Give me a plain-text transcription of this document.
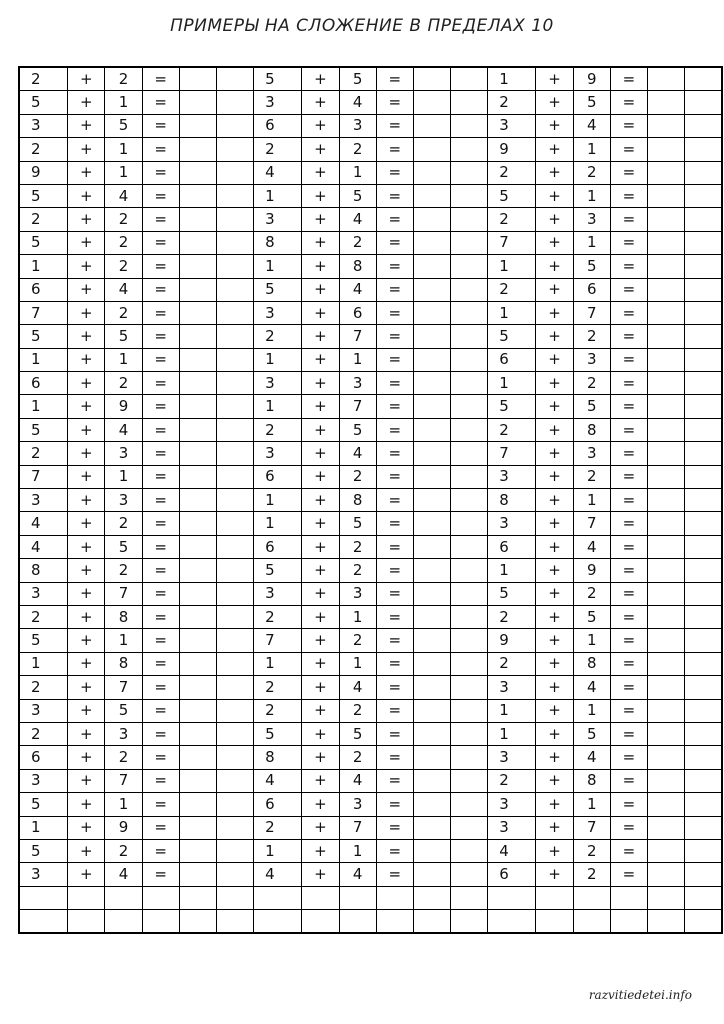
ПРИМЕРЫ НА СЛОЖЕНИЕ В ПРЕДЕЛАХ 10
2	+	2	=			5	+	5	=			1	+	9	=		
5	+	1	=			3	+	4	=			2	+	5	=		
3	+	5	=			6	+	3	=			3	+	4	=		
2	+	1	=			2	+	2	=			9	+	1	=		
9	+	1	=			4	+	1	=			2	+	2	=		
5	+	4	=			1	+	5	=			5	+	1	=		
2	+	2	=			3	+	4	=			2	+	3	=		
5	+	2	=			8	+	2	=			7	+	1	=		
1	+	2	=			1	+	8	=			1	+	5	=		
6	+	4	=			5	+	4	=			2	+	6	=		
7	+	2	=			3	+	6	=			1	+	7	=		
5	+	5	=			2	+	7	=			5	+	2	=		
1	+	1	=			1	+	1	=			6	+	3	=		
6	+	2	=			3	+	3	=			1	+	2	=		
1	+	9	=			1	+	7	=			5	+	5	=		
5	+	4	=			2	+	5	=			2	+	8	=		
2	+	3	=			3	+	4	=			7	+	3	=		
7	+	1	=			6	+	2	=			3	+	2	=		
3	+	3	=			1	+	8	=			8	+	1	=		
4	+	2	=			1	+	5	=			3	+	7	=		
4	+	5	=			6	+	2	=			6	+	4	=		
8	+	2	=			5	+	2	=			1	+	9	=		
3	+	7	=			3	+	3	=			5	+	2	=		
2	+	8	=			2	+	1	=			2	+	5	=		
5	+	1	=			7	+	2	=			9	+	1	=		
1	+	8	=			1	+	1	=			2	+	8	=		
2	+	7	=			2	+	4	=			3	+	4	=		
3	+	5	=			2	+	2	=			1	+	1	=		
2	+	3	=			5	+	5	=			1	+	5	=		
6	+	2	=			8	+	2	=			3	+	4	=		
3	+	7	=			4	+	4	=			2	+	8	=		
5	+	1	=			6	+	3	=			3	+	1	=		
1	+	9	=			2	+	7	=			3	+	7	=		
5	+	2	=			1	+	1	=			4	+	2	=		
3	+	4	=			4	+	4	=			6	+	2	=		

razvitiedetei.info
